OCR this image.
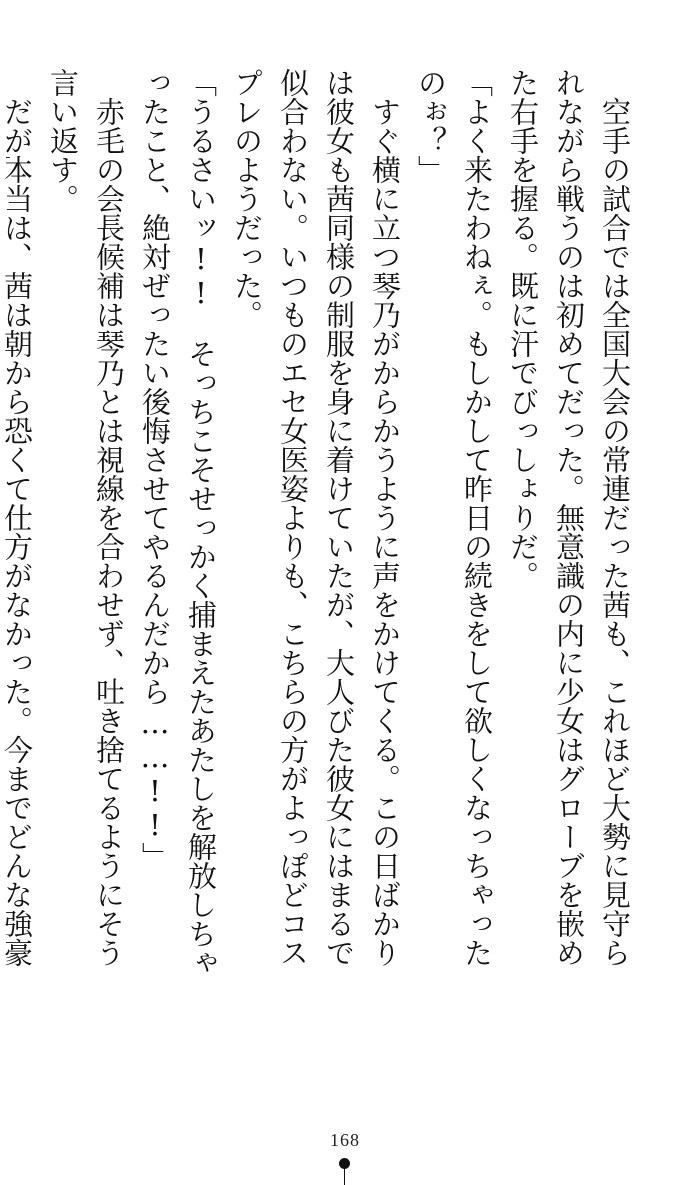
空手の試合では全国大会の常連だった茜も、これほど大勢に見守られながら戦うのは初めてだった。無意識の内に少女はグローブを嵌めた右手を握る。既に汗でびっしょりだ。

「よく来たわねぇ。もしかして昨日の続きをして欲しくなっちゃったのぉ？」

すぐ横に立つ琴乃がからかうように声をかけてくる。この日ばかりは彼女も茜同様の制服を身に着けていたが、大人びた彼女にはまるで似合わない。いつものエセ女医姿よりも、こちらの方がよっぽどコスプレのようだった。

「うるさいッ!!　そっちこそせっかく捕まえたあたしを解放しちゃったこと、絶対ぜったい後悔させてやるんだから……!!」

赤毛の会長候補は琴乃とは視線を合わせず、吐き捨てるようにそう言い返す。

だが本当は、茜は朝から恐くて仕方がなかった。今までどんな強豪

168
